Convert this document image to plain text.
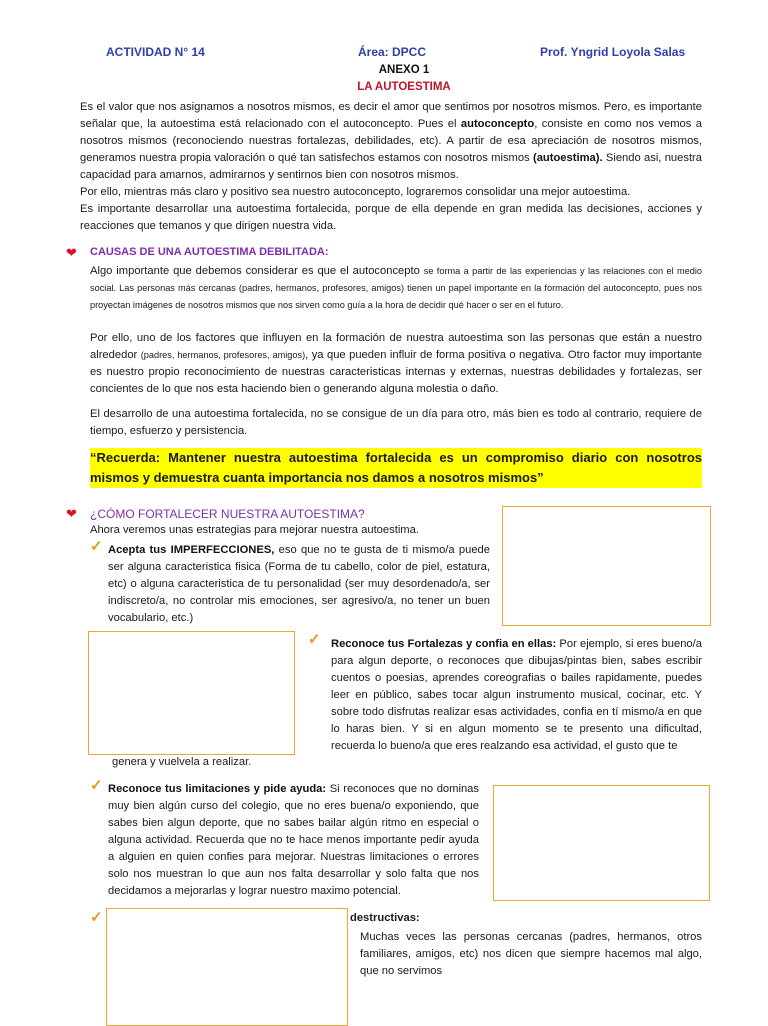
ACTIVIDAD N° 14	Área: DPCC	Prof. Yngrid Loyola Salas
ANEXO 1
LA AUTOESTIMA

Es el valor que nos asignamos a nosotros mismos, es decir el amor que sentimos por nosotros mismos. Pero, es importante señalar que, la autoestima está relacionado con el autoconcepto. Pues el autoconcepto, consiste en como nos vemos a nosotros mismos (reconociendo nuestras fortalezas, debilidades, etc). A partir de esa apreciación de nosotros mismos, generamos nuestra propia valoración o qué tan satisfechos estamos con nosotros mismos (autoestima). Siendo asi, nuestra capacidad para amarnos, admirarnos y sentirnos bien con nosotros mismos.

Por ello, mientras más claro y positivo sea nuestro autoconcepto, lograremos consolidar una mejor autoestima.

Es importante desarrollar una autoestima fortalecida, porque de ella depende en gran medida las decisiones, acciones y reacciones que temanos y que dirigen nuestra vida.

❤ CAUSAS DE UNA AUTOESTIMA DEBILITADA:

Algo importante que debemos considerar es que el autoconcepto se forma a partir de las experiencias y las relaciones con el medio social. Las personas más cercanas (padres, hermanos, profesores, amigos) tienen un papel importante en la formación del autoconcepto, pues nos proyectan imágenes de nosotros mismos que nos sirven como guía a la hora de decidir qué hacer o ser en el futuro.

Por ello, uno de los factores que influyen en la formación de nuestra autoestima son las personas que están a nuestro alrededor (padres, hermanos, profesores, amigos), ya que pueden influir de forma positiva o negativa. Otro factor muy importante es nuestro propio reconocimiento de nuestras caracteristicas internas y externas, nuestras debilidades y fortalezas, ser concientes de lo que nos esta haciendo bien o generando alguna molestia o daño.

El desarrollo de una autoestima fortalecida, no se consigue de un día para otro, más bien es todo al contrario, requiere de tiempo, esfuerzo y persistencia.

“Recuerda: Mantener nuestra autoestima fortalecida es un compromiso diario con nosotros mismos y demuestra cuanta importancia nos damos a nosotros mismos”
❤ ¿CÓMO FORTALECER NUESTRA AUTOESTIMA?
Ahora veremos unas estrategias para mejorar nuestra autoestima.
✓ Acepta tus IMPERFECCIONES, eso que no te gusta de ti mismo/a puede ser alguna caracteristica fisica (Forma de tu cabello, color de piel, estatura, etc) o alguna caracteristica de tu personalidad (ser muy desordenado/a, ser indiscreto/a, no controlar mis emociones, ser agresivo/a, no tener un buen vocabulario, etc.)

✓ Reconoce tus Fortalezas y confia en ellas: Por ejemplo, si eres bueno/a para algun deporte, o reconoces que dibujas/pintas bien, sabes escribir cuentos o poesias, aprendes coreografias o bailes rapidamente, puedes leer en público, sabes tocar algun instrumento musical, cocinar, etc. Y sobre todo disfrutas realizar esas actividades, confia en tí mismo/a en que lo haras bien. Y si en algun momento se te presento una dificultad, recuerda lo bueno/a que eres realzando esa actividad, el gusto que te

genera y vuelvela a realizar.
✓ Reconoce tus limitaciones y pide ayuda: Si reconoces que no dominas muy bien algún curso del colegio, que no eres buena/o exponiendo, que sabes bien algun deporte, que no sabes bailar algún ritmo en especial o alguna actividad. Recuerda que no te hace menos importante pedir ayuda a alguien en quien confies para mejorar. Nuestras limitaciones o errores solo nos muestran lo que aun nos falta desarrollar y solo falta que nos decidamos a mejorarlas y lograr nuestro maximo potencial.

✓	destructivas:

Muchas veces las personas cercanas (padres, hermanos, otros familiares, amigos, etc) nos dicen que siempre hacemos mal algo, que no servimos
